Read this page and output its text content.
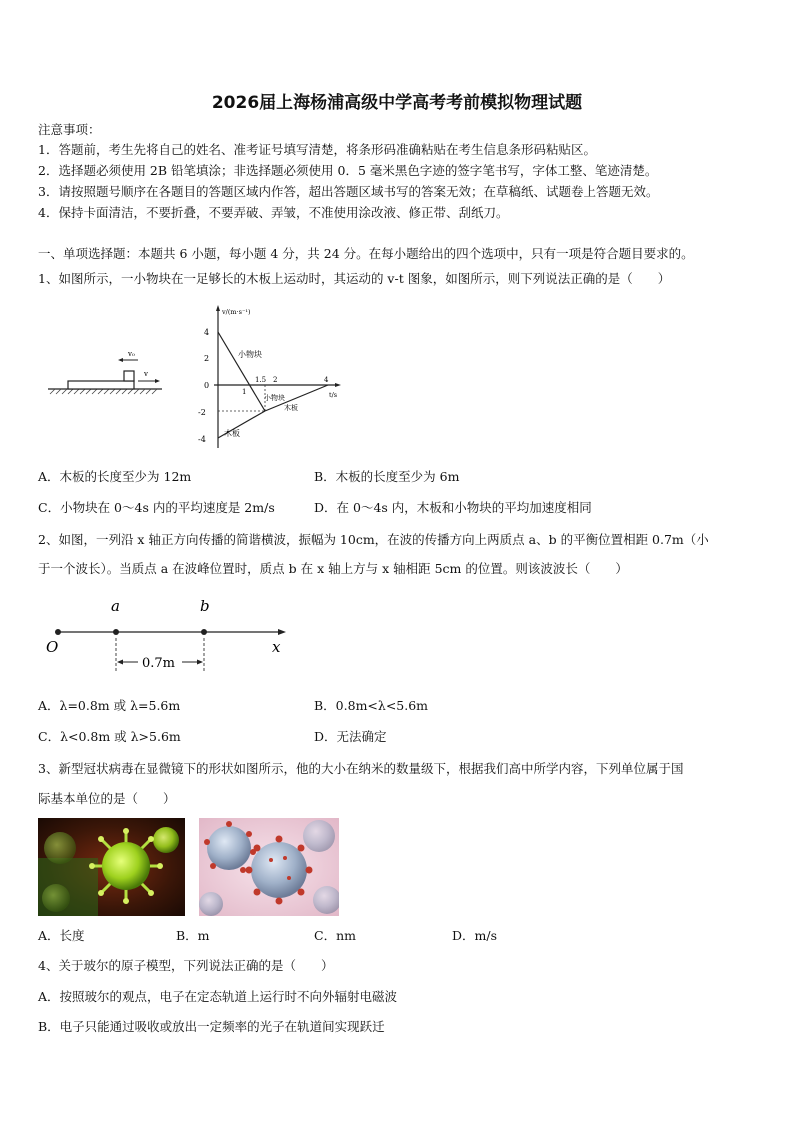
2026届上海杨浦高级中学高考考前模拟物理试题
注意事项：
1．答题前，考生先将自己的姓名、准考证号填写清楚，将条形码准确粘贴在考生信息条形码粘贴区。
2．选择题必须使用 2B 铅笔填涂；非选择题必须使用 0．5 毫米黑色字迹的签字笔书写，字体工整、笔迹清楚。
3．请按照题号顺序在各题目的答题区域内作答，超出答题区域书写的答案无效；在草稿纸、试题卷上答题无效。
4．保持卡面清洁，不要折叠，不要弄破、弄皱，不准使用涂改液、修正带、刮纸刀。
一、单项选择题：本题共 6 小题，每小题 4 分，共 24 分。在每小题给出的四个选项中，只有一项是符合题目要求的。
1、如图所示，一小物块在一足够长的木板上运动时，其运动的 v-t 图象，如图所示，则下列说法正确的是（　　）
v₀
v
v/(m·s⁻¹)
t/s
4
2
0
-2
-4
1
1.5 2	4
小物块
小物块
木板
木板
A．木板的长度至少为 12m	B．木板的长度至少为 6m
C．小物块在 0～4s 内的平均速度是 2m/s	D．在 0～4s 内，木板和小物块的平均加速度相同
2、如图，一列沿 x 轴正方向传播的简谐横波，振幅为 10cm，在波的传播方向上两质点 a、b 的平衡位置相距 0.7m（小
于一个波长）。当质点 a 在波峰位置时，质点 b 在 x 轴上方与 x 轴相距 5cm 的位置。则该波波长（　　）
O
a	b
x
0.7m
A．λ=0.8m 或 λ=5.6m	B．0.8m<λ<5.6m
C．λ<0.8m 或 λ>5.6m	D．无法确定
3、新型冠状病毒在显微镜下的形状如图所示，他的大小在纳米的数量级下，根据我们高中所学内容，下列单位属于国
际基本单位的是（　　）
A．长度	B．m	C．nm	D．m/s
4、关于玻尔的原子模型，下列说法正确的是（　　）
A．按照玻尔的观点，电子在定态轨道上运行时不向外辐射电磁波
B．电子只能通过吸收或放出一定频率的光子在轨道间实现跃迁
